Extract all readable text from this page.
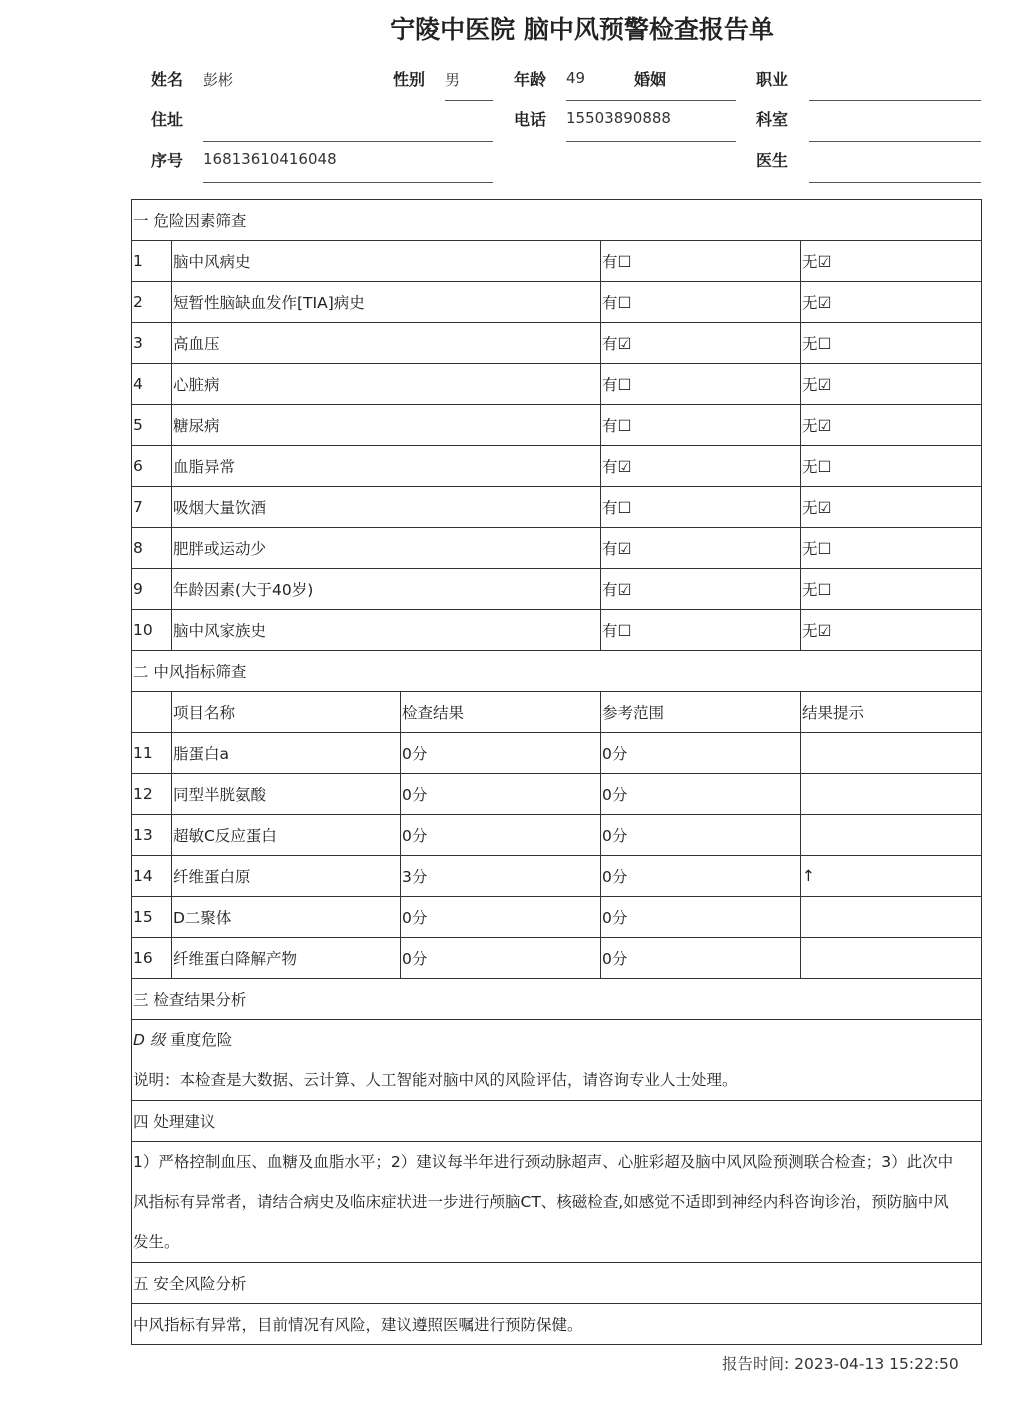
宁陵中医院 脑中风预警检查报告单
姓名 彭彬	性别 男	年龄 49	婚姻	职业
住址	电话 15503890888	科室
序号 16813610416048	医生
一 危险因素筛查				
1	脑中风病史		有☐	无☑
2	短暂性脑缺血发作[TIA]病史		有☐	无☑
3	高血压		有☑	无☐
4	心脏病		有☐	无☑
5	糖尿病		有☐	无☑
6	血脂异常		有☑	无☐
7	吸烟大量饮酒		有☐	无☑
8	肥胖或运动少		有☑	无☐
9	年龄因素(大于40岁)		有☑	无☐
10	脑中风家族史		有☐	无☑
二 中风指标筛查				
	项目名称	检查结果	参考范围	结果提示
11	脂蛋白a	0分	0分	
12	同型半胱氨酸	0分	0分	
13	超敏C反应蛋白	0分	0分	
14	纤维蛋白原	3分	0分	↑
15	D二聚体	0分	0分	
16	纤维蛋白降解产物	0分	0分	
三 检查结果分析				

D 级 重度危险
说明：本检查是大数据、云计算、人工智能对脑中风的风险评估，请咨询专业人士处理。				

四 处理建议				

1）严格控制血压、血糖及血脂水平；2）建议每半年进行颈动脉超声、心脏彩超及脑中风风险预测联合检查；3）此次中
风指标有异常者，请结合病史及临床症状进一步进行颅脑CT、核磁检查,如感觉不适即到神经内科咨询诊治，预防脑中风
发生。				

五 安全风险分析				
中风指标有异常，目前情况有风险，建议遵照医嘱进行预防保健。				
报告时间: 2023-04-13 15:22:50
